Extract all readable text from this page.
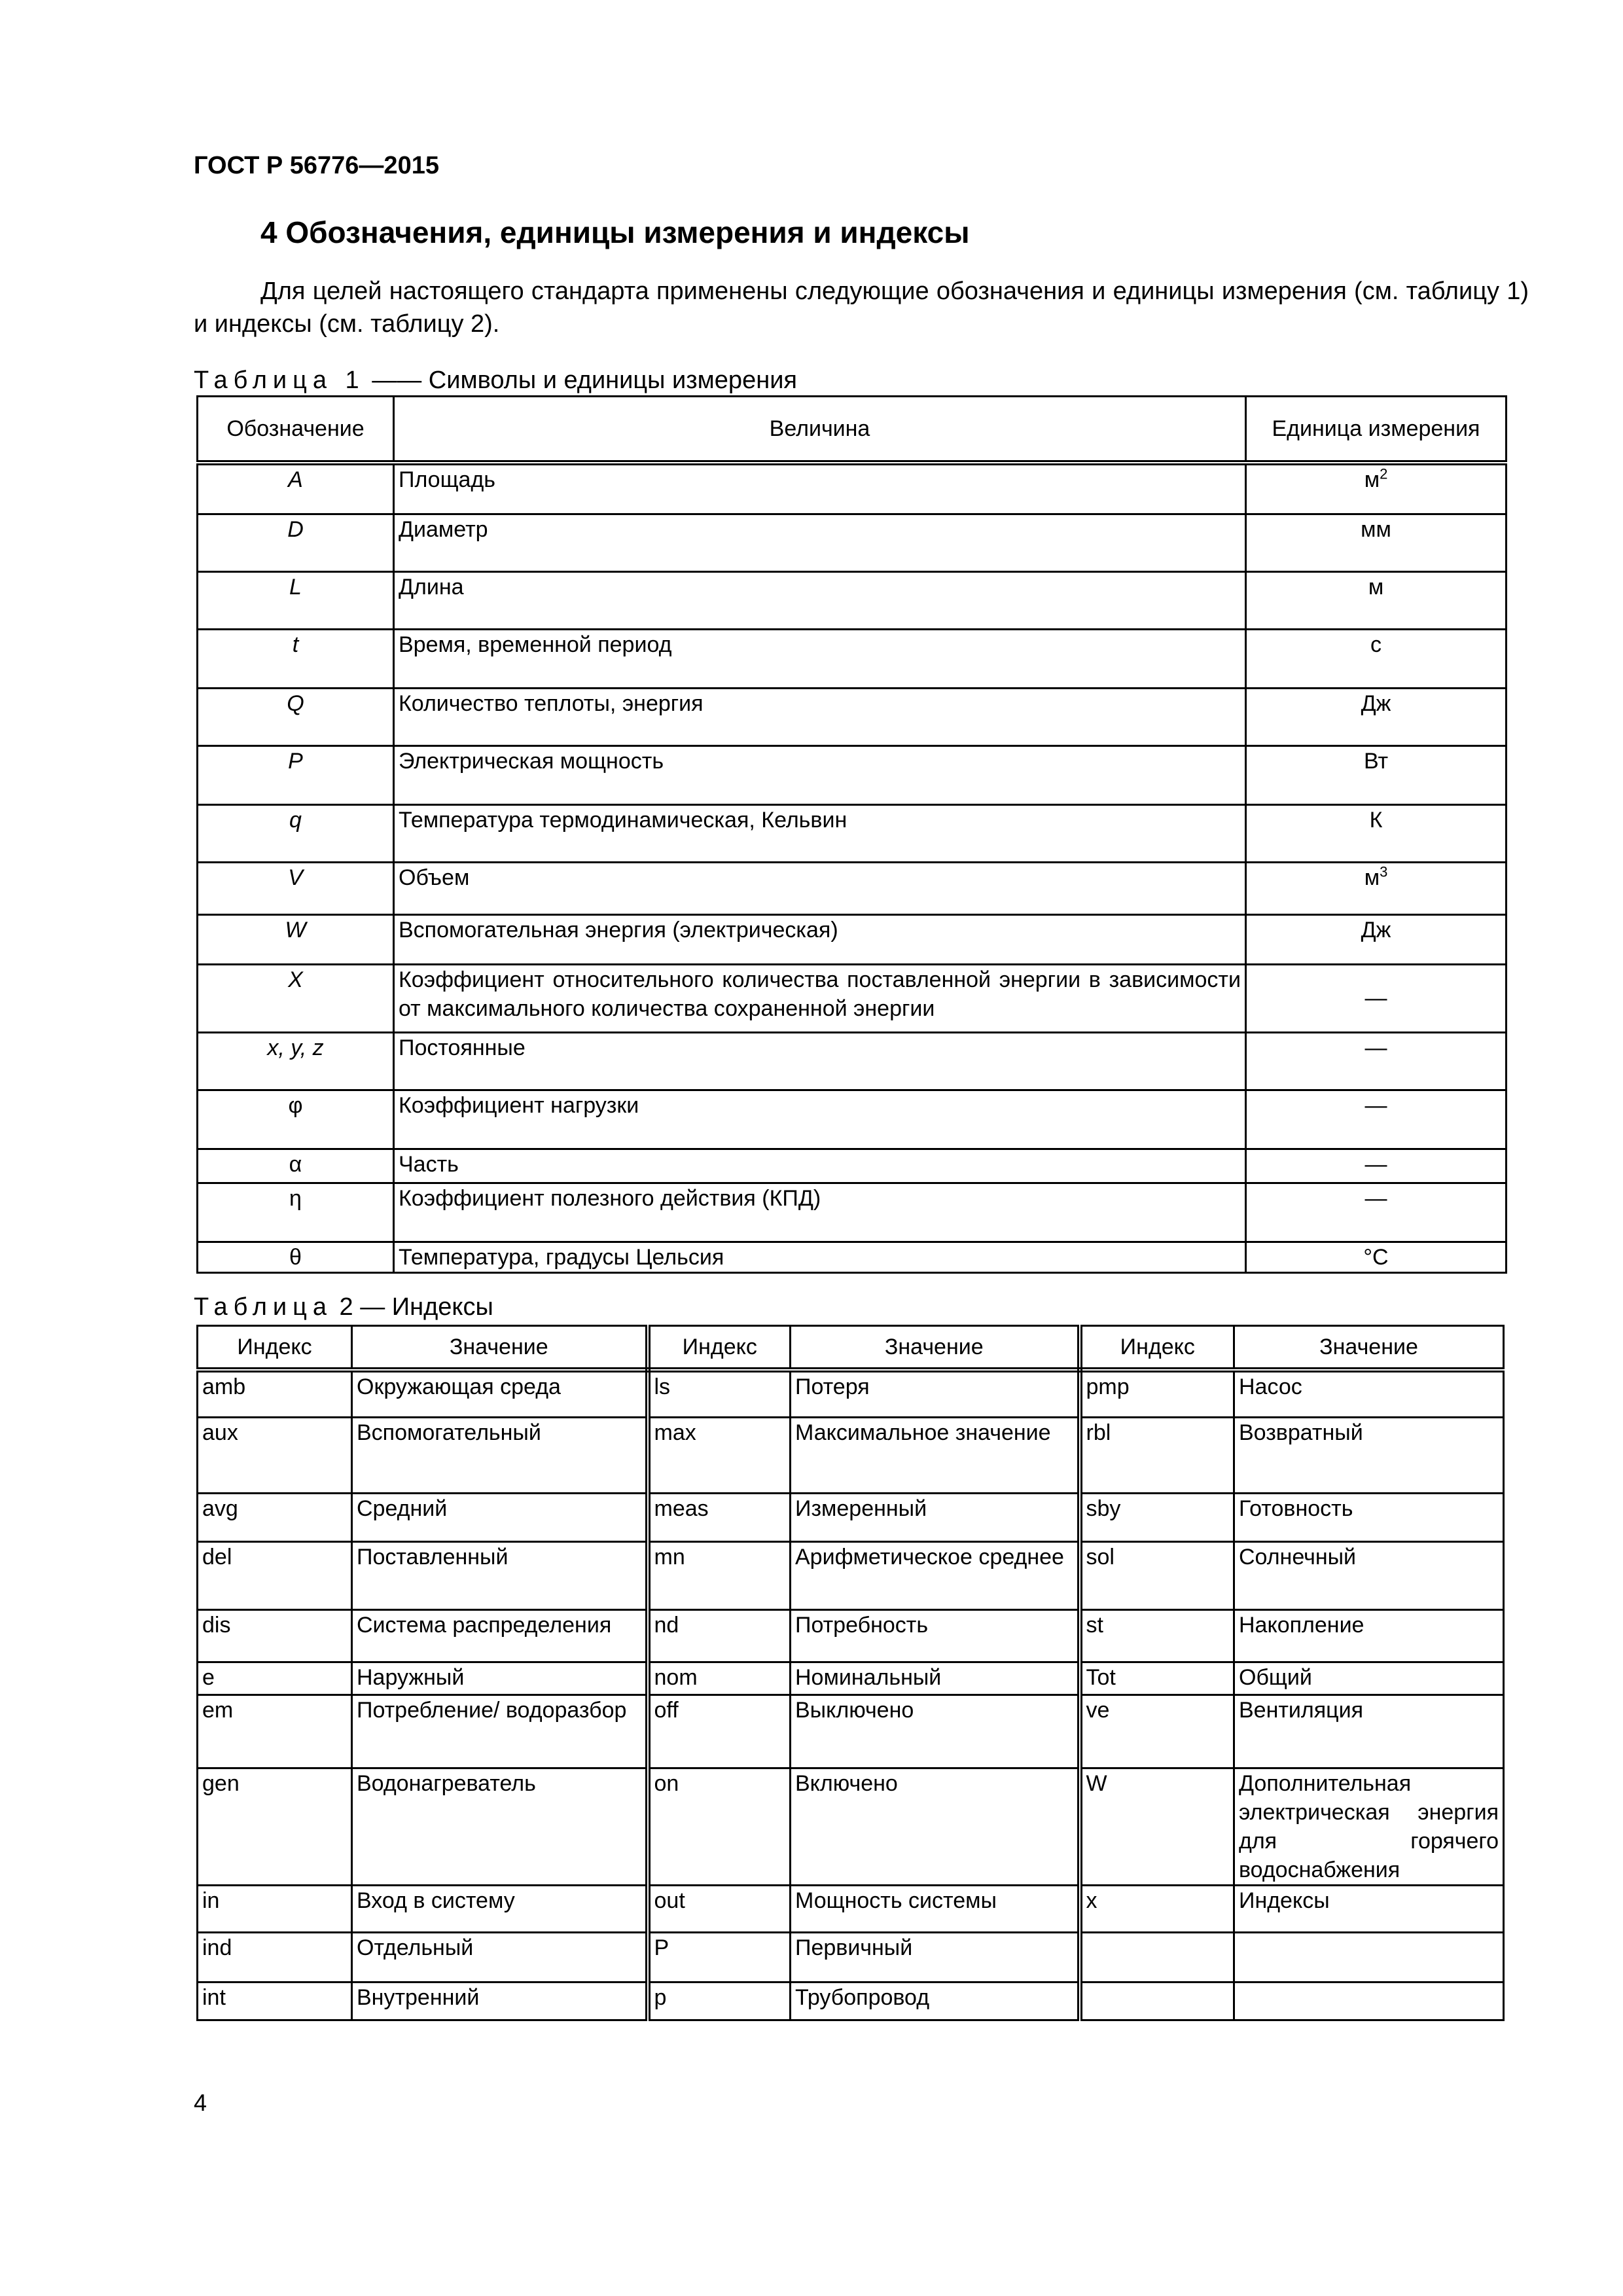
ГОСТ Р 56776—2015
4 Обозначения, единицы измерения и индексы

Для целей настоящего стандарта применены следующие обозначения и единицы измерения (см. таблицу 1) и индексы (см. таблицу 2).

Таблица 1 —— Символы и единицы измерения
Обозначение	Величина	Единица измерения
A	Площадь	$м^2$
D	Диаметр	мм
L	Длина	м
t	Время, временной период	с
Q	Количество теплоты, энергия	Дж
P	Электрическая мощность	Вт
q	Температура термодинамическая, Кельвин	К
V	Объем	$м^3$
W	Вспомогательная энергия (электрическая)	Дж
X	Коэффициент относительного количества поставленной энергии в зависимости от максимального количества сохраненной энергии	—
x, y, z	Постоянные	—
φ	Коэффициент нагрузки	—
α	Часть	—
η	Коэффициент полезного действия (КПД)	—
θ	Температура, градусы Цельсия	°С
Таблица 2 — Индексы
Индекс	Значение	Индекс	Значение	Индекс	Значение
amb	Окружающая среда	ls	Потеря	pmp	Насос
aux	Вспомогательный	max	Максимальное значение	rbl	Возвратный
avg	Средний	meas	Измеренный	sby	Готовность
del	Поставленный	mn	Арифметическое среднее	sol	Солнечный
dis	Система распределения	nd	Потребность	st	Накопление
e	Наружный	nom	Номинальный	Tot	Общий
em	Потребление/ водоразбор	off	Выключено	ve	Вентиляция
gen	Водонагреватель	on	Включено	W	Дополнительная электрическая энергия для горячего водоснабжения
in	Вход в систему	out	Мощность системы	x	Индексы
ind	Отдельный	P	Первичный		
int	Внутренний	p	Трубопровод		
4
